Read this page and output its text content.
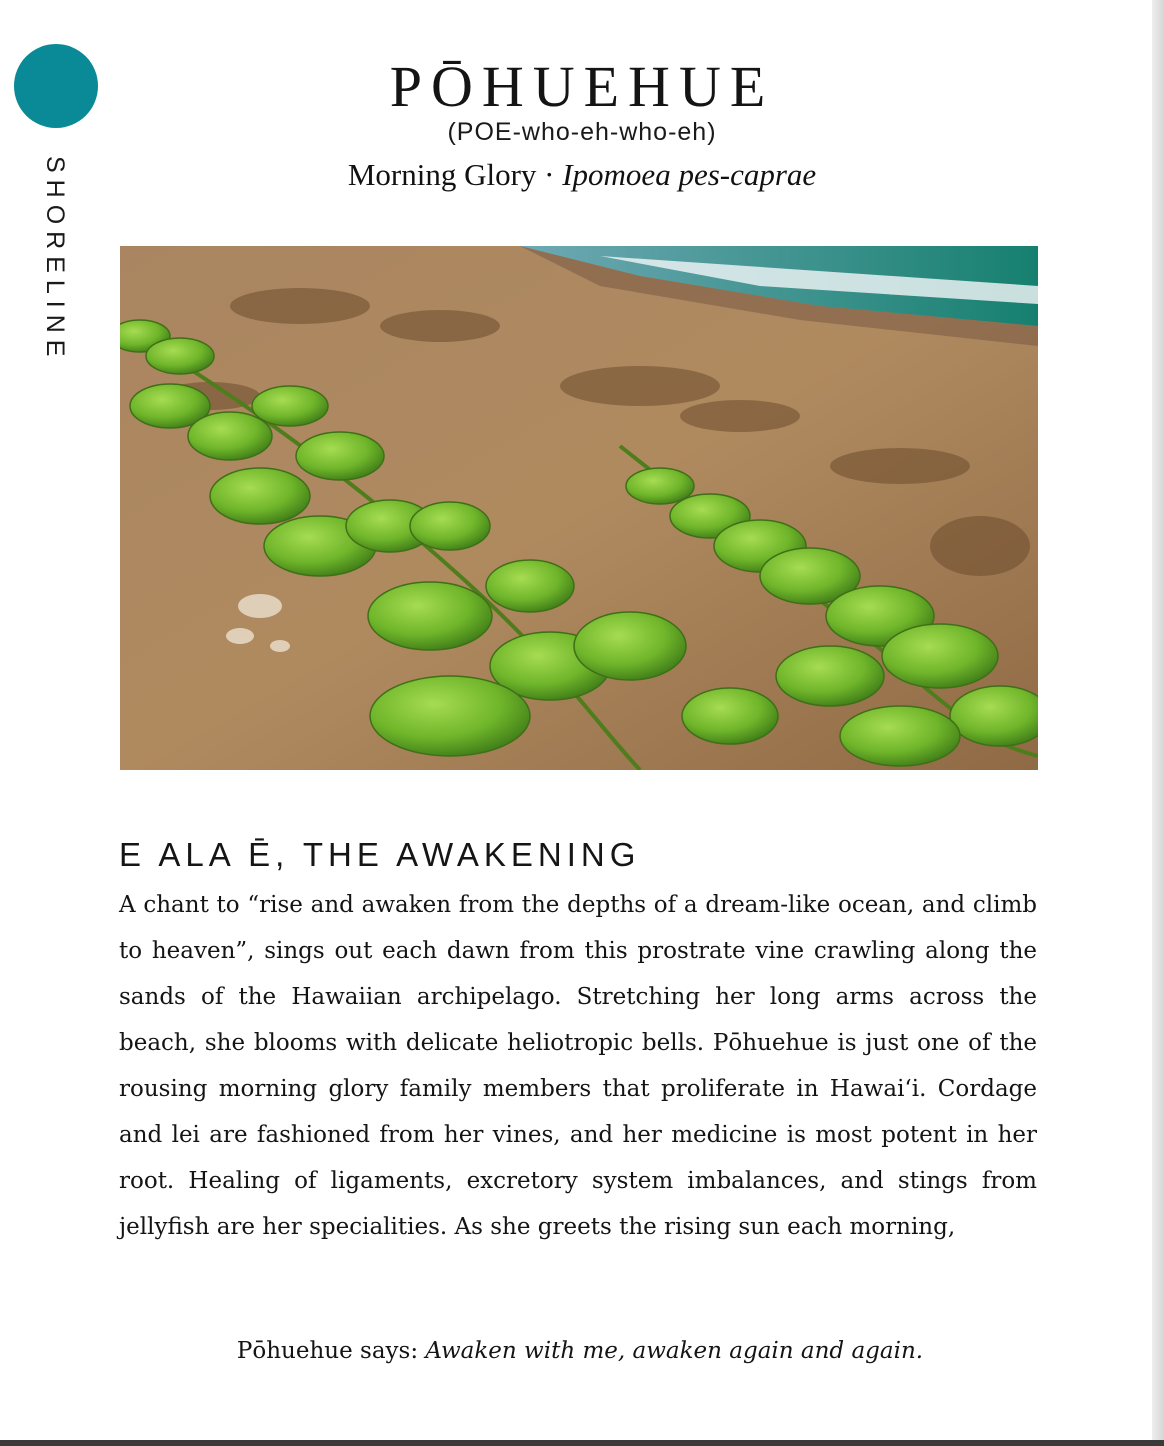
SHORELINE
PŌHUEHUE
(POE-who-eh-who-eh)
Morning Glory · Ipomoea pes-caprae
E ALA Ē, THE AWAKENING

A chant to “rise and awaken from the depths of a dream-like ocean, and climb to heaven”, sings out each dawn from this prostrate vine crawling along the sands of the Hawaiian archipelago. Stretching her long arms across the beach, she blooms with delicate heliotropic bells. Pōhuehue is just one of the rousing morning glory family members that proliferate in Hawai‘i. Cordage and lei are fashioned from her vines, and her medicine is most potent in her root. Healing of ligaments, excretory system imbalances, and stings from jellyfish are her specialities. As she greets the rising sun each morning,

Pōhuehue says: Awaken with me, awaken again and again.
